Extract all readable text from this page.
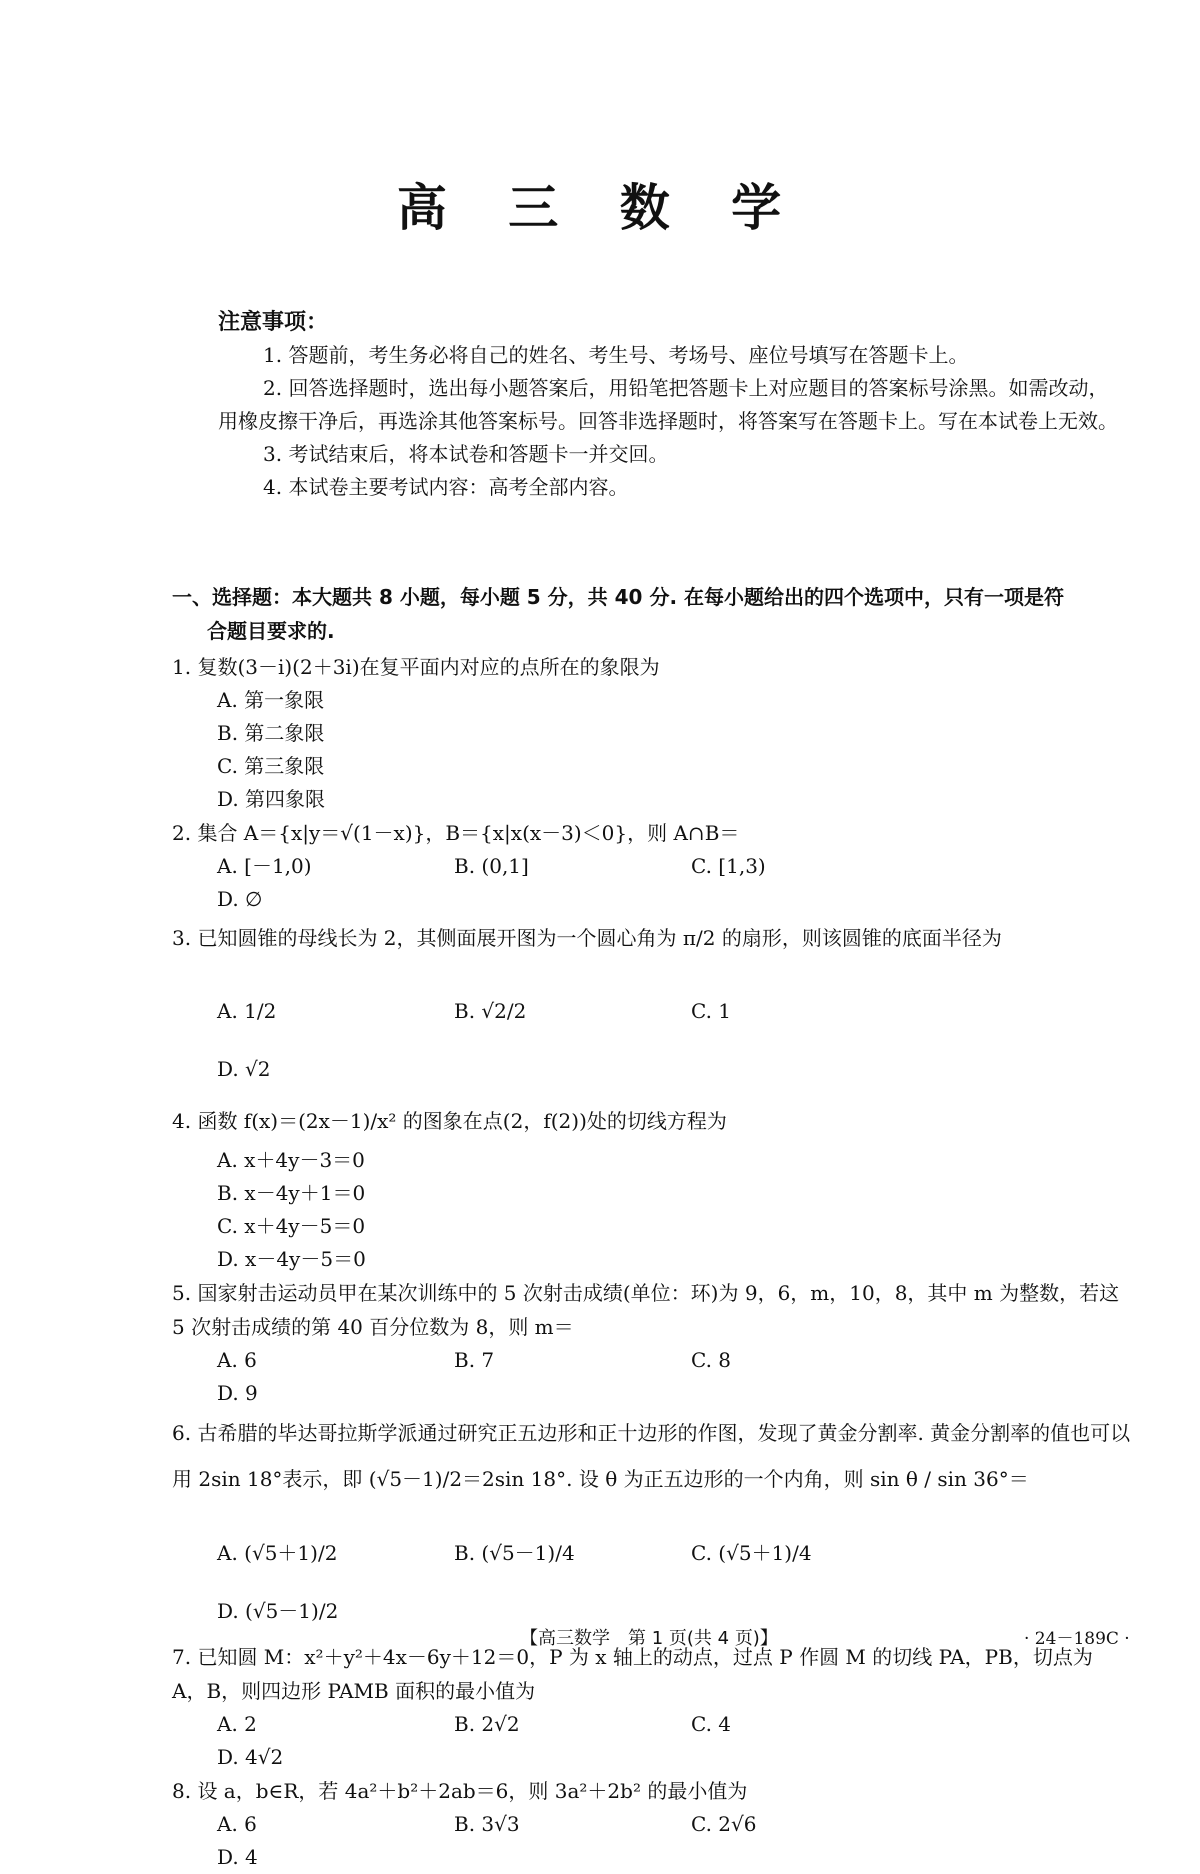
高 三 数 学
注意事项：

1. 答题前，考生务必将自己的姓名、考生号、考场号、座位号填写在答题卡上。

2. 回答选择题时，选出每小题答案后，用铅笔把答题卡上对应题目的答案标号涂黑。如需改动，用橡皮擦干净后，再选涂其他答案标号。回答非选择题时，将答案写在答题卡上。写在本试卷上无效。

3. 考试结束后，将本试卷和答题卡一并交回。

4. 本试卷主要考试内容：高考全部内容。

一、选择题：本大题共 8 小题，每小题 5 分，共 40 分. 在每小题给出的四个选项中，只有一项是符
合题目要求的.
1. 复数(3－i)(2＋3i)在复平面内对应的点所在的象限为
A. 第一象限
B. 第二象限
C. 第三象限
D. 第四象限
2. 集合 A＝{x|y＝√(1－x)}，B＝{x|x(x－3)＜0}，则 A∩B＝
A. [－1,0)	B. (0,1]	C. [1,3)
D. ∅
3. 已知圆锥的母线长为 2，其侧面展开图为一个圆心角为 π/2 的扇形，则该圆锥的底面半径为
A. 1/2	B. √2/2	C. 1
D. √2
4. 函数 f(x)＝(2x－1)/x² 的图象在点(2，f(2))处的切线方程为
A. x＋4y－3＝0
B. x－4y＋1＝0
C. x＋4y－5＝0
D. x－4y－5＝0
5. 国家射击运动员甲在某次训练中的 5 次射击成绩(单位：环)为 9，6，m，10，8，其中 m 为整数，若这 5 次射击成绩的第 40 百分位数为 8，则 m＝
A. 6	B. 7	C. 8
D. 9
6. 古希腊的毕达哥拉斯学派通过研究正五边形和正十边形的作图，发现了黄金分割率. 黄金分割率的值也可以用 2sin 18°表示，即 (√5－1)/2＝2sin 18°. 设 θ 为正五边形的一个内角，则 sin θ / sin 36°＝
A. (√5＋1)/2	B. (√5－1)/4	C. (√5＋1)/4
D. (√5－1)/2
7. 已知圆 M：x²＋y²＋4x－6y＋12＝0，P 为 x 轴上的动点，过点 P 作圆 M 的切线 PA，PB，切点为 A，B，则四边形 PAMB 面积的最小值为
A. 2	B. 2√2	C. 4
D. 4√2
8. 设 a，b∈R，若 4a²＋b²＋2ab＝6，则 3a²＋2b² 的最小值为
A. 6	B. 3√3	C. 2√6
D. 4
【高三数学　第 1 页(共 4 页)】	· 24－189C ·
